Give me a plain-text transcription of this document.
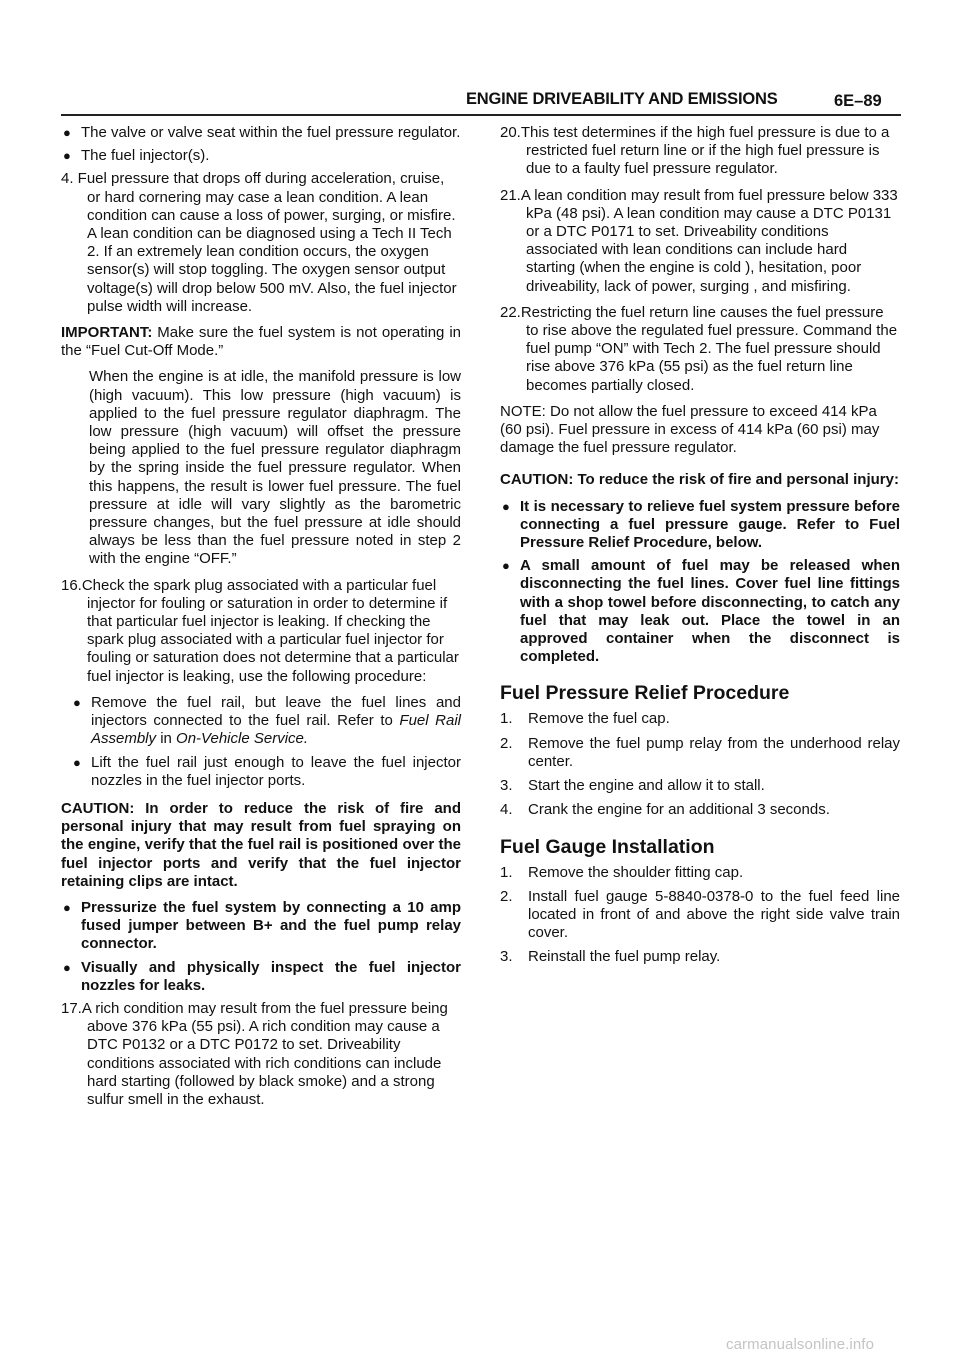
ENGINE DRIVEABILITY AND EMISSIONS	6E–89
● The valve or valve seat within the fuel pressure regulator.
● The fuel injector(s).

4. Fuel pressure that drops off during acceleration, cruise, or hard cornering may case a lean condition. A lean condition can cause a loss of power, surging, or misfire. A lean condition can be diagnosed using a Tech II Tech 2. If an extremely lean condition occurs, the oxygen sensor(s) will stop toggling. The oxygen sensor output voltage(s) will drop below 500 mV. Also, the fuel injector pulse width will increase.

IMPORTANT: Make sure the fuel system is not operating in the “Fuel Cut-Off Mode.”

When the engine is at idle, the manifold pressure is low (high vacuum). This low pressure (high vacuum) is applied to the fuel pressure regulator diaphragm. The low pressure (high vacuum) will offset the pressure being applied to the fuel pressure regulator diaphragm by the spring inside the fuel pressure regulator. When this happens, the result is lower fuel pressure. The fuel pressure at idle will vary slightly as the barometric pressure changes, but the fuel pressure at idle should always be less than the fuel pressure noted in step 2 with the engine “OFF.”

16.Check the spark plug associated with a particular fuel injector for fouling or saturation in order to determine if that particular fuel injector is leaking. If checking the spark plug associated with a particular fuel injector for fouling or saturation does not determine that a particular fuel injector is leaking, use the following procedure:

● Remove the fuel rail, but leave the fuel lines and injectors connected to the fuel rail. Refer to Fuel Rail Assembly in On-Vehicle Service.
● Lift the fuel rail just enough to leave the fuel injector nozzles in the fuel injector ports.

CAUTION: In order to reduce the risk of fire and personal injury that may result from fuel spraying on the engine, verify that the fuel rail is positioned over the fuel injector ports and verify that the fuel injector retaining clips are intact.

● Pressurize the fuel system by connecting a 10 amp fused jumper between B+ and the fuel pump relay connector.
● Visually and physically inspect the fuel injector nozzles for leaks.

17.A rich condition may result from the fuel pressure being above 376 kPa (55 psi). A rich condition may cause a DTC P0132 or a DTC P0172 to set. Driveability conditions associated with rich conditions can include hard starting (followed by black smoke) and a strong sulfur smell in the exhaust.

20.This test determines if the high fuel pressure is due to a restricted fuel return line or if the high fuel pressure is due to a faulty fuel pressure regulator.

21.A lean condition may result from fuel pressure below 333 kPa (48 psi). A lean condition may cause a DTC P0131 or a DTC P0171 to set. Driveability conditions associated with lean conditions can include hard starting (when the engine is cold ), hesitation, poor driveability, lack of power, surging , and misfiring.

22.Restricting the fuel return line causes the fuel pressure to rise above the regulated fuel pressure. Command the fuel pump “ON” with Tech 2. The fuel pressure should rise above 376 kPa (55 psi) as the fuel return line becomes partially closed.

NOTE: Do not allow the fuel pressure to exceed 414 kPa (60 psi). Fuel pressure in excess of 414 kPa (60 psi) may damage the fuel pressure regulator.

CAUTION: To reduce the risk of fire and personal injury:

● It is necessary to relieve fuel system pressure before connecting a fuel pressure gauge. Refer to Fuel Pressure Relief Procedure, below.
● A small amount of fuel may be released when disconnecting the fuel lines. Cover fuel line fittings with a shop towel before disconnecting, to catch any fuel that may leak out. Place the towel in an approved container when the disconnect is completed.
Fuel Pressure Relief Procedure
1. Remove the fuel cap.
2. Remove the fuel pump relay from the underhood relay center.
3. Start the engine and allow it to stall.
4. Crank the engine for an additional 3 seconds.
Fuel Gauge Installation
1. Remove the shoulder fitting cap.
2. Install fuel gauge 5-8840-0378-0 to the fuel feed line located in front of and above the right side valve train cover.
3. Reinstall the fuel pump relay.
carmanualsonline.info
